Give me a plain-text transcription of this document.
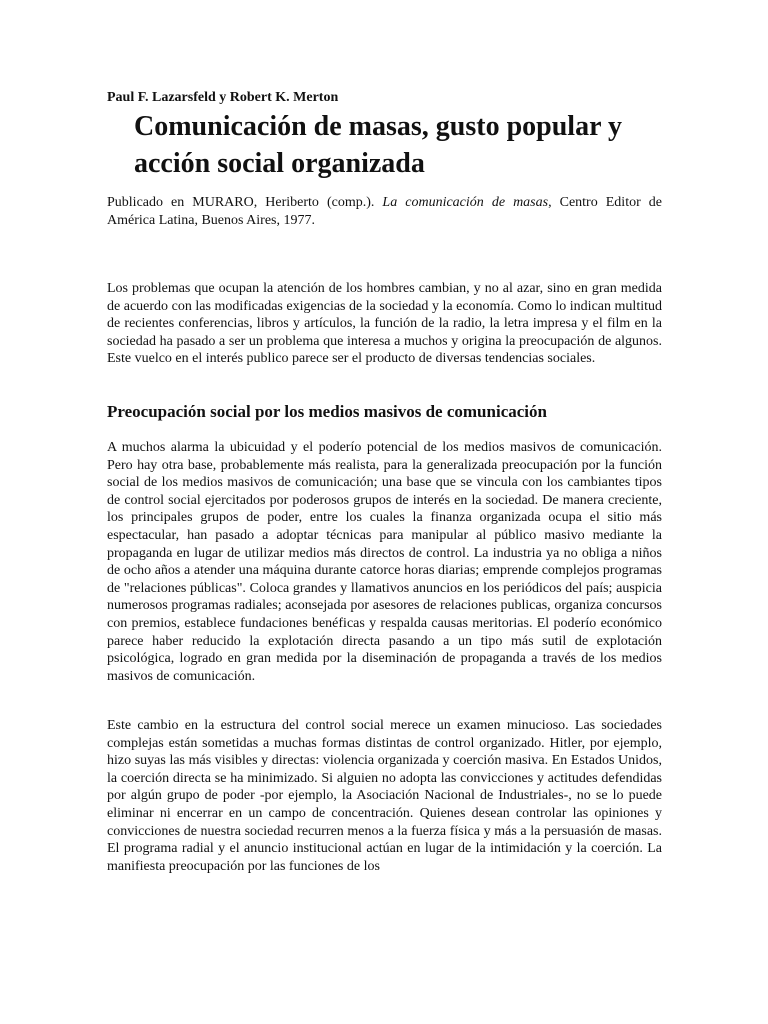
Paul F. Lazarsfeld y Robert K. Merton
Comunicación de masas, gusto popular y acción social organizada

Publicado en MURARO, Heriberto (comp.). La comunicación de masas, Centro Editor de América Latina, Buenos Aires, 1977.

Los problemas que ocupan la atención de los hombres cambian, y no al azar, sino en gran medida de acuerdo con las modificadas exigencias de la sociedad y la economía. Como lo indican multitud de recientes conferencias, libros y artículos, la función de la radio, la letra impresa y el film en la sociedad ha pasado a ser un problema que interesa a muchos y origina la preocupación de algunos. Este vuelco en el interés publico parece ser el producto de diversas tendencias sociales.

Preocupación social por los medios masivos de comunicación

A muchos alarma la ubicuidad y el poderío potencial de los medios masivos de comunicación. Pero hay otra base, probablemente más realista, para la generalizada preocupación por la función social de los medios masivos de comunicación; una base que se vincula con los cambiantes tipos de control social ejercitados por poderosos grupos de interés en la sociedad. De manera creciente, los principales grupos de poder, entre los cuales la finanza organizada ocupa el sitio más espectacular, han pasado a adoptar técnicas para manipular al público masivo mediante la propaganda en lugar de utilizar medios más directos de control. La industria ya no obliga a niños de ocho años a atender una máquina durante catorce horas diarias; emprende complejos programas de "relaciones públicas". Coloca grandes y llamativos anuncios en los periódicos del país; auspicia numerosos programas radiales; aconsejada por asesores de relaciones publicas, organiza concursos con premios, establece fundaciones benéficas y respalda causas meritorias. El poderío económico parece haber reducido la explotación directa pasando a un tipo más sutil de explotación psicológica, logrado en gran medida por la diseminación de propaganda a través de los medios masivos de comunicación.

Este cambio en la estructura del control social merece un examen minucioso. Las sociedades complejas están sometidas a muchas formas distintas de control organizado. Hitler, por ejemplo, hizo suyas las más visibles y directas: violencia organizada y coerción masiva. En Estados Unidos, la coerción directa se ha minimizado. Si alguien no adopta las convicciones y actitudes defendidas por algún grupo de poder -por ejemplo, la Asociación Nacional de Industriales-, no se lo puede eliminar ni encerrar en un campo de concentración. Quienes desean controlar las opiniones y convicciones de nuestra sociedad recurren menos a la fuerza física y más a la persuasión de masas. El programa radial y el anuncio institucional actúan en lugar de la intimidación y la coerción. La manifiesta preocupación por las funciones de los
